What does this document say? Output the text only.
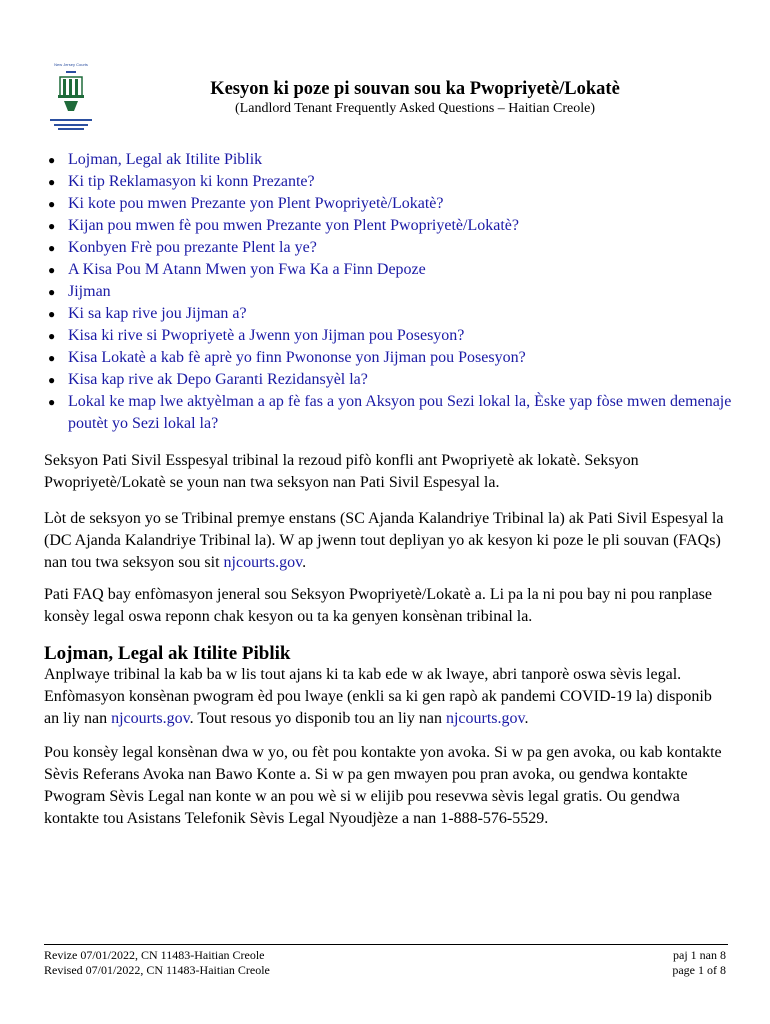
New Jersey Courts
Kesyon ki poze pi souvan sou ka Pwopriyetè/Lokatè
(Landlord Tenant Frequently Asked Questions – Haitian Creole)
● Lojman, Legal ak Itilite Piblik
● Ki tip Reklamasyon ki konn Prezante?
● Ki kote pou mwen Prezante yon Plent Pwopriyetè/Lokatè?
● Kijan pou mwen fè pou mwen Prezante yon Plent Pwopriyetè/Lokatè?
● Konbyen Frè pou prezante Plent la ye?
● A Kisa Pou M Atann Mwen yon Fwa Ka a Finn Depoze
● Jijman
● Ki sa kap rive jou Jijman a?
● Kisa ki rive si Pwopriyetè a Jwenn yon Jijman pou Posesyon?
● Kisa Lokatè a kab fè aprè yo finn Pwononse yon Jijman pou Posesyon?
● Kisa kap rive ak Depo Garanti Rezidansyèl la?
● Lokal ke map lwe aktyèlman a ap fè fas a yon Aksyon pou Sezi lokal la, Èske yap fòse mwen demenaje poutèt yo Sezi lokal la?

Seksyon Pati Sivil Esspesyal tribinal la rezoud pifò konfli ant Pwopriyetè ak lokatè. Seksyon Pwopriyetè/Lokatè se youn nan twa seksyon nan Pati Sivil Espesyal la.

Lòt de seksyon yo se Tribinal premye enstans (SC Ajanda Kalandriye Tribinal la) ak Pati Sivil Espesyal la (DC Ajanda Kalandriye Tribinal la). W ap jwenn tout depliyan yo ak kesyon ki poze le pli souvan (FAQs) nan tou twa seksyon sou sit njcourts.gov.

Pati FAQ bay enfòmasyon jeneral sou Seksyon Pwopriyetè/Lokatè a. Li pa la ni pou bay ni pou ranplase konsèy legal oswa reponn chak kesyon ou ta ka genyen konsènan tribinal la.

Lojman, Legal ak Itilite Piblik

Anplwaye tribinal la kab ba w lis tout ajans ki ta kab ede w ak lwaye, abri tanporè oswa sèvis legal. Enfòmasyon konsènan pwogram èd pou lwaye (enkli sa ki gen rapò ak pandemi COVID-19 la) disponib an liy nan njcourts.gov. Tout resous yo disponib tou an liy nan njcourts.gov.

Pou konsèy legal konsènan dwa w yo, ou fèt pou kontakte yon avoka. Si w pa gen avoka, ou kab kontakte Sèvis Referans Avoka nan Bawo Konte a. Si w pa gen mwayen pou pran avoka, ou gendwa kontakte Pwogram Sèvis Legal nan konte w an pou wè si w elijib pou resevwa sèvis legal gratis. Ou gendwa kontakte tou Asistans Telefonik Sèvis Legal Nyoudjèze a nan 1-888-576-5529.

Revize 07/01/2022, CN 11483-Haitian Creole
Revised 07/01/2022, CN 11483-Haitian Creole
paj 1 nan 8
page 1 of 8
